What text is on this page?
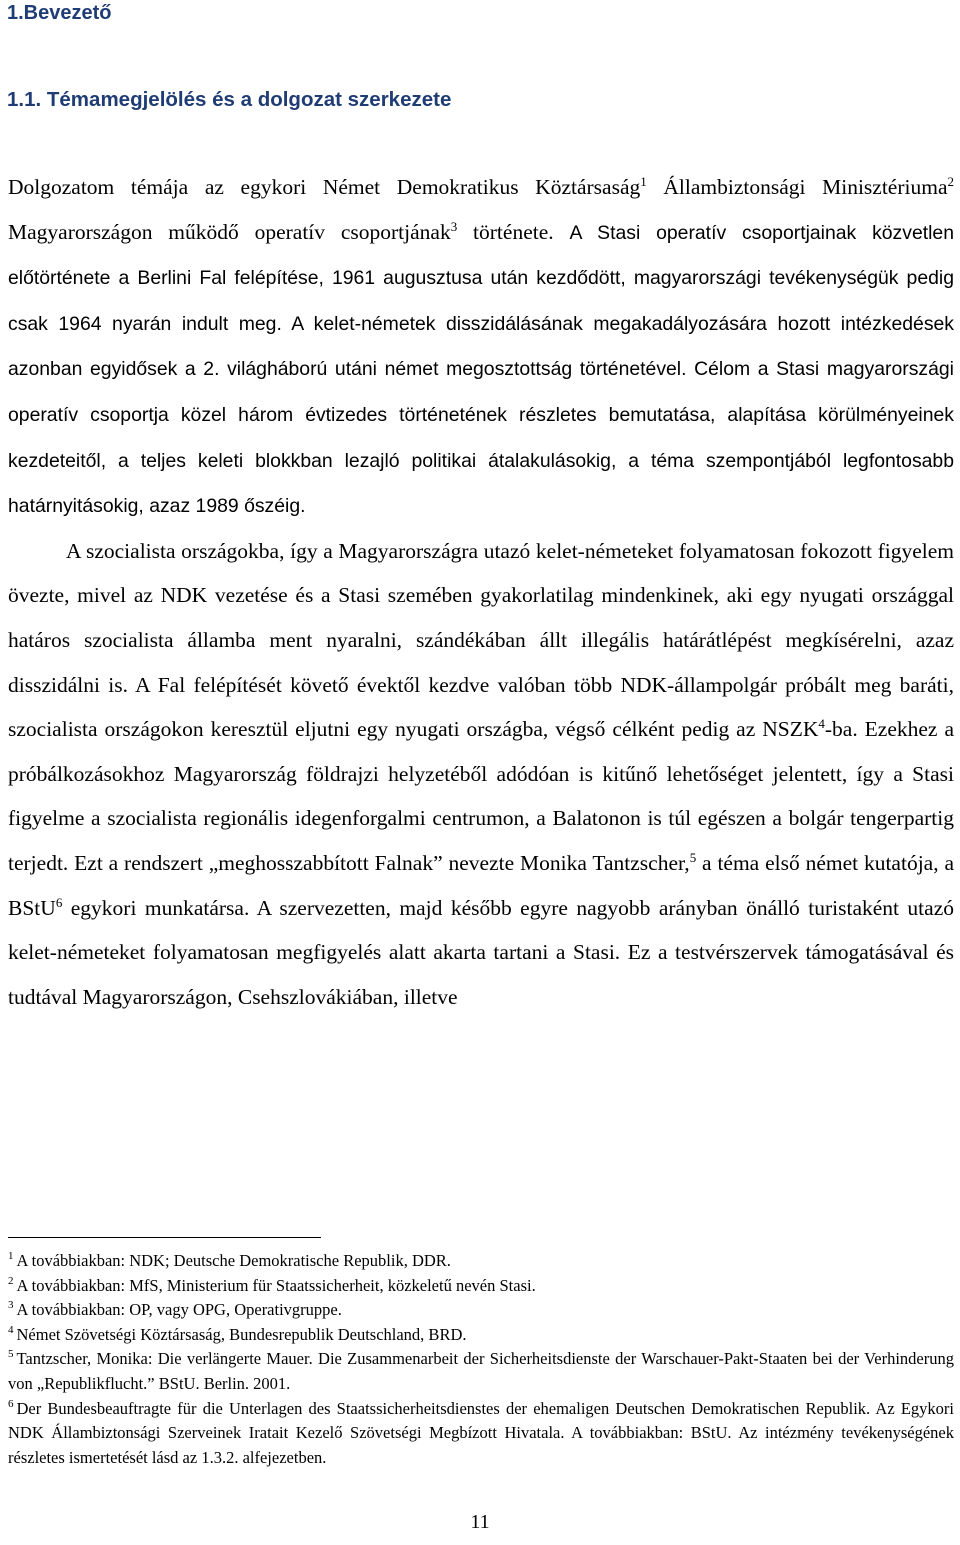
1.Bevezető
1.1. Témamegjelölés és a dolgozat szerkezete

Dolgozatom témája az egykori Német Demokratikus Köztársaság$^1$ Állambiztonsági Minisztériuma$^2$ Magyarországon működő operatív csoportjának$^3$ története. A Stasi operatív csoportjainak közvetlen előtörténete a Berlini Fal felépítése, 1961 augusztusa után kezdődött, magyarországi tevékenységük pedig csak 1964 nyarán indult meg. A kelet-németek disszidálásának megakadályozására hozott intézkedések azonban egyidősek a 2. világháború utáni német megosztottság történetével. Célom a Stasi magyarországi operatív csoportja közel három évtizedes történetének részletes bemutatása, alapítása körülményeinek kezdeteitől, a teljes keleti blokkban lezajló politikai átalakulásokig, a téma szempontjából legfontosabb határnyitásokig, azaz 1989 őszéig.

A szocialista országokba, így a Magyarországra utazó kelet-németeket folyamatosan fokozott figyelem övezte, mivel az NDK vezetése és a Stasi szemében gyakorlatilag mindenkinek, aki egy nyugati országgal határos szocialista államba ment nyaralni, szándékában állt illegális határátlépést megkísérelni, azaz disszidálni is. A Fal felépítését követő évektől kezdve valóban több NDK-állampolgár próbált meg baráti, szocialista országokon keresztül eljutni egy nyugati országba, végső célként pedig az NSZK$^4$-ba. Ezekhez a próbálkozásokhoz Magyarország földrajzi helyzetéből adódóan is kitűnő lehetőséget jelentett, így a Stasi figyelme a szocialista regionális idegenforgalmi centrumon, a Balatonon is túl egészen a bolgár tengerpartig terjedt. Ezt a rendszert „meghosszabbított Falnak” nevezte Monika Tantzscher,$^5$ a téma első német kutatója, a BStU$^6$ egykori munkatársa. A szervezetten, majd később egyre nagyobb arányban önálló turistaként utazó kelet-németeket folyamatosan megfigyelés alatt akarta tartani a Stasi. Ez a testvérszervek támogatásával és tudtával Magyarországon, Csehszlovákiában, illetve

$^1$ A továbbiakban: NDK; Deutsche Demokratische Republik, DDR.

$^2$ A továbbiakban: MfS, Ministerium für Staatssicherheit, közkeletű nevén Stasi.

$^3$ A továbbiakban: OP, vagy OPG, Operativgruppe.

$^4$ Német Szövetségi Köztársaság, Bundesrepublik Deutschland, BRD.

$^5$ Tantzscher, Monika: Die verlängerte Mauer. Die Zusammenarbeit der Sicherheitsdienste der Warschauer-Pakt-Staaten bei der Verhinderung von „Republikflucht.” BStU. Berlin. 2001.

$^6$ Der Bundesbeauftragte für die Unterlagen des Staatssicherheitsdienstes der ehemaligen Deutschen Demokratischen Republik. Az Egykori NDK Állambiztonsági Szerveinek Iratait Kezelő Szövetségi Megbízott Hivatala. A továbbiakban: BStU. Az intézmény tevékenységének részletes ismertetését lásd az 1.3.2. alfejezetben.

11
